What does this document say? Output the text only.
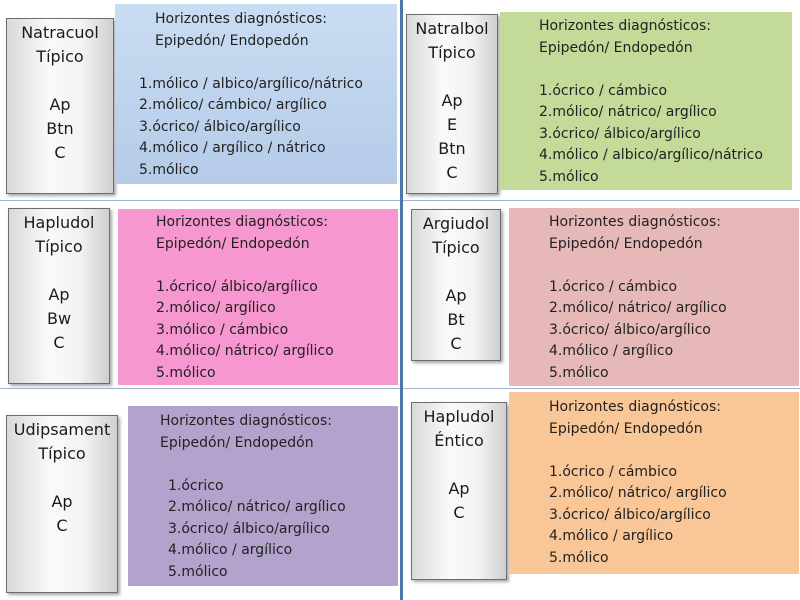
Natracuol
Típico
Ap
Btn
C
Horizontes diagnósticos:
Epipedón/ Endopedón
1.mólico / albico/argílico/nátrico
2.mólico/ cámbico/ argílico
3.ócrico/ álbico/argílico
4.mólico / argílico / nátrico
5.mólico
Natralbol
Típico
Ap
E
Btn
C
Horizontes diagnósticos:
Epipedón/ Endopedón
1.ócrico / cámbico
2.mólico/ nátrico/ argílico
3.ócrico/ álbico/argílico
4.mólico / albico/argílico/nátrico
5.mólico
Hapludol
Típico
Ap
Bw
C
Horizontes diagnósticos:
Epipedón/ Endopedón
1.ócrico/ álbico/argílico
2.mólico/ argílico
3.mólico / cámbico
4.mólico/ nátrico/ argílico
5.mólico
Argiudol
Típico
Ap
Bt
C
Horizontes diagnósticos:
Epipedón/ Endopedón
1.ócrico / cámbico
2.mólico/ nátrico/ argílico
3.ócrico/ álbico/argílico
4.mólico / argílico
5.mólico
Udipsament
Típico
Ap
C
Horizontes diagnósticos:
Epipedón/ Endopedón
1.ócrico
2.mólico/ nátrico/ argílico
3.ócrico/ álbico/argílico
4.mólico / argílico
5.mólico
Hapludol
Éntico
Ap
C
Horizontes diagnósticos:
Epipedón/ Endopedón
1.ócrico / cámbico
2.mólico/ nátrico/ argílico
3.ócrico/ álbico/argílico
4.mólico / argílico
5.mólico
